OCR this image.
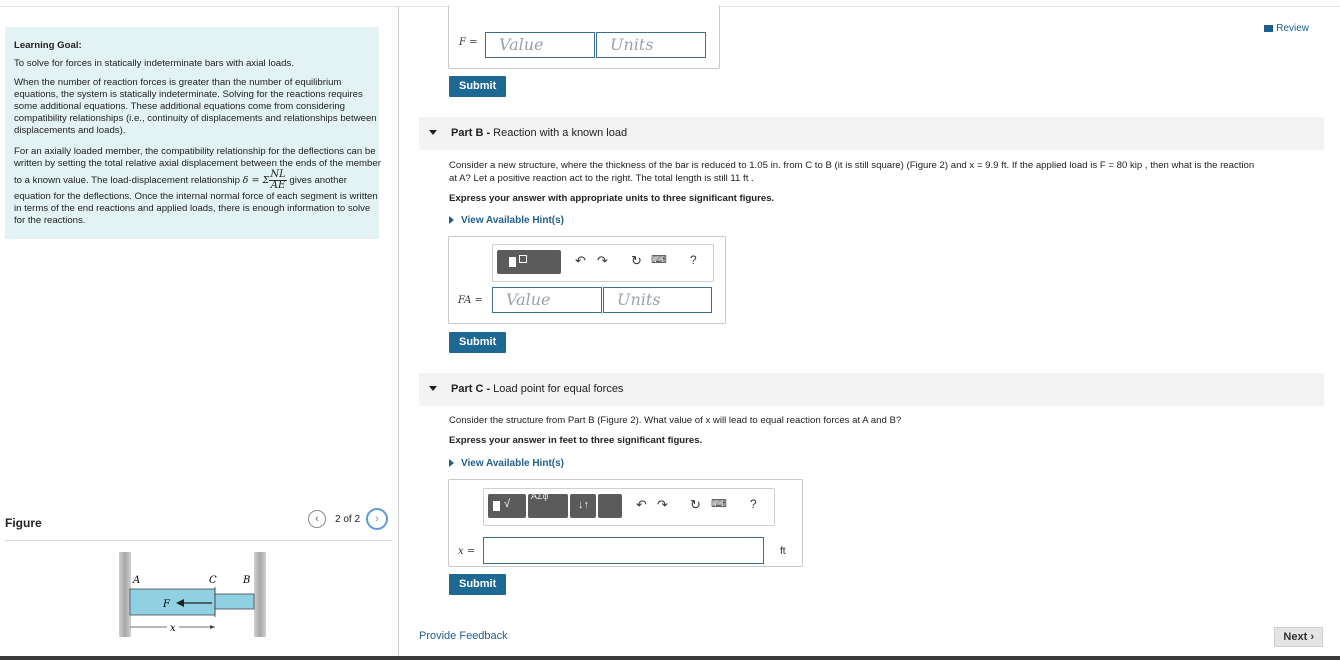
Learning Goal:

To solve for forces in statically indeterminate bars with axial loads.

When the number of reaction forces is greater than the number of equilibrium equations, the system is statically indeterminate. Solving for the reactions requires some additional equations. These additional equations come from considering compatibility relationships (i.e., continuity of displacements and relationships between displacements and loads).

For an axially loaded member, the compatibility relationship for the deflections can be written by setting the total relative axial displacement between the ends of the member to a known value. The load-displacement relationship δ = Σ $\frac{NL}{AE}$ gives another equation for the deflections. Once the internal normal force of each segment is written in terms of the end reactions and applied loads, there is enough information to solve for the reactions.
Figure	‹	2 of 2	›
A	C	B
F
x
Review
F =	Value	Units
Submit
Part B - Reaction with a known load
Consider a new structure, where the thickness of the bar is reduced to 1.05 in. from C to B (it is still square) (Figure 2) and x = 9.9 ft. If the applied load is F = 80 kip , then what is the reaction
at A? Let a positive reaction act to the right. The total length is still 11 ft .
Express your answer with appropriate units to three significant figures.
View Available Hint(s)
↶ ↷ ↻ ⌨ ?
FA =	Value	Units
Submit
Part C - Load point for equal forces
Consider the structure from Part B (Figure 2). What value of x will lead to equal reaction forces at A and B?
Express your answer in feet to three significant figures.
View Available Hint(s)
√
ΑΣφ
↓↑	↶ ↷ ↻ ⌨ ?
x =	ft
Submit
Provide Feedback	Next ›
